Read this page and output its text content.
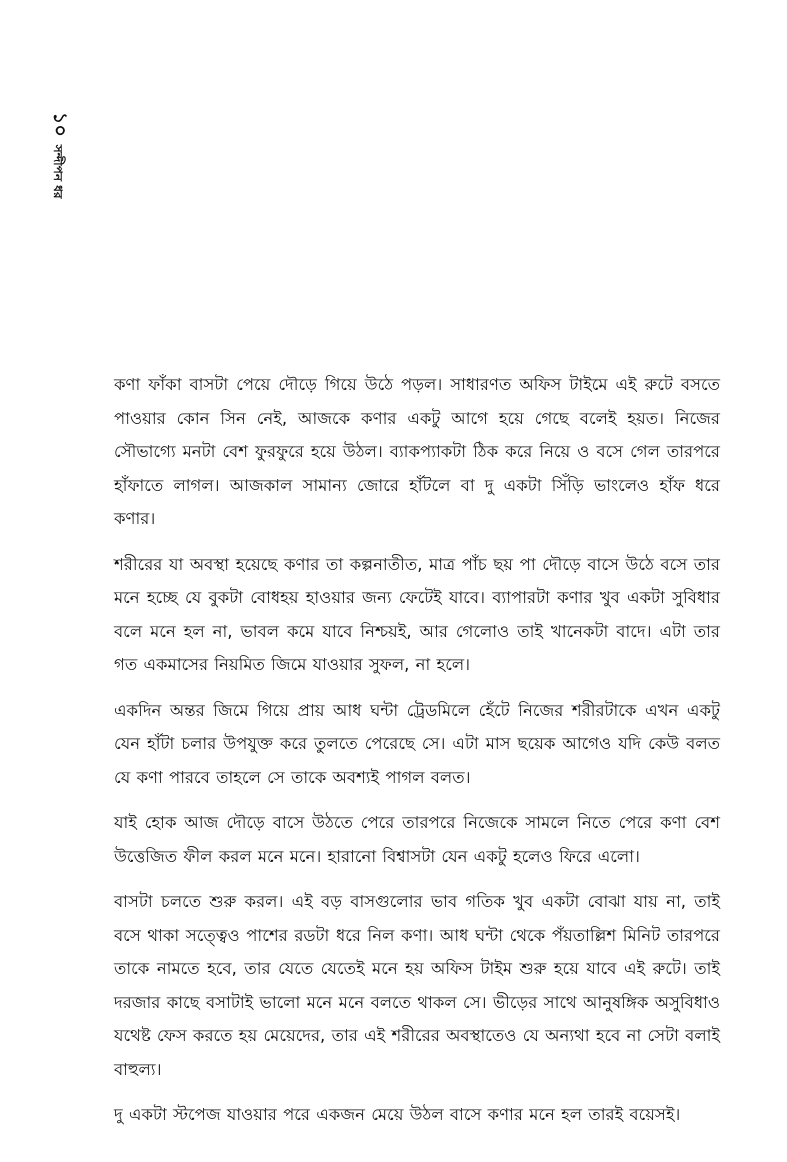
১০
সন্দীপন ধর

কণা ফাঁকা বাসটা পেয়ে দৌড়ে গিয়ে উঠে পড়ল। সাধারণত অফিস টাইমে এই রুটে বসতে পাওয়ার কোন সিন নেই, আজকে কণার একটু আগে হয়ে গেছে বলেই হয়ত। নিজের সৌভাগ্যে মনটা বেশ ফুরফুরে হয়ে উঠল। ব্যাকপ্যাকটা ঠিক করে নিয়ে ও বসে গেল তারপরে হাঁফাতে লাগল। আজকাল সামান্য জোরে হাঁটলে বা দু একটা সিঁড়ি ভাংলেও হাঁফ ধরে কণার।

শরীরের যা অবস্থা হয়েছে কণার তা কল্পনাতীত, মাত্র পাঁচ ছয় পা দৌড়ে বাসে উঠে বসে তার মনে হচ্ছে যে বুকটা বোধহয় হাওয়ার জন্য ফেটেই যাবে। ব্যাপারটা কণার খুব একটা সুবিধার বলে মনে হল না, ভাবল কমে যাবে নিশ্চয়ই, আর গেলোও তাই খানেকটা বাদে। এটা তার গত একমাসের নিয়মিত জিমে যাওয়ার সুফল, না হলে।

একদিন অন্তর জিমে গিয়ে প্রায় আধ ঘন্টা ট্রেডমিলে হেঁটে নিজের শরীরটাকে এখন একটু যেন হাঁটা চলার উপযুক্ত করে তুলতে পেরেছে সে। এটা মাস ছয়েক আগেও যদি কেউ বলত যে কণা পারবে তাহলে সে তাকে অবশ্যই পাগল বলত।

যাই হোক আজ দৌড়ে বাসে উঠতে পেরে তারপরে নিজেকে সামলে নিতে পেরে কণা বেশ উত্তেজিত ফীল করল মনে মনে। হারানো বিশ্বাসটা যেন একটু হলেও ফিরে এলো।

বাসটা চলতে শুরু করল। এই বড় বাসগুলোর ভাব গতিক খুব একটা বোঝা যায় না, তাই বসে থাকা সত্ত্বেও পাশের রডটা ধরে নিল কণা। আধ ঘন্টা থেকে পঁয়তাল্লিশ মিনিট তারপরে তাকে নামতে হবে, তার যেতে যেতেই মনে হয় অফিস টাইম শুরু হয়ে যাবে এই রুটে। তাই দরজার কাছে বসাটাই ভালো মনে মনে বলতে থাকল সে। ভীড়ের সাথে আনুষঙ্গিক অসুবিধাও যথেষ্ট ফেস করতে হয় মেয়েদের, তার এই শরীরের অবস্থাতেও যে অন্যথা হবে না সেটা বলাই বাহুল্য।

দু একটা স্টপেজ যাওয়ার পরে একজন মেয়ে উঠল বাসে কণার মনে হল তারই বয়েসই।
